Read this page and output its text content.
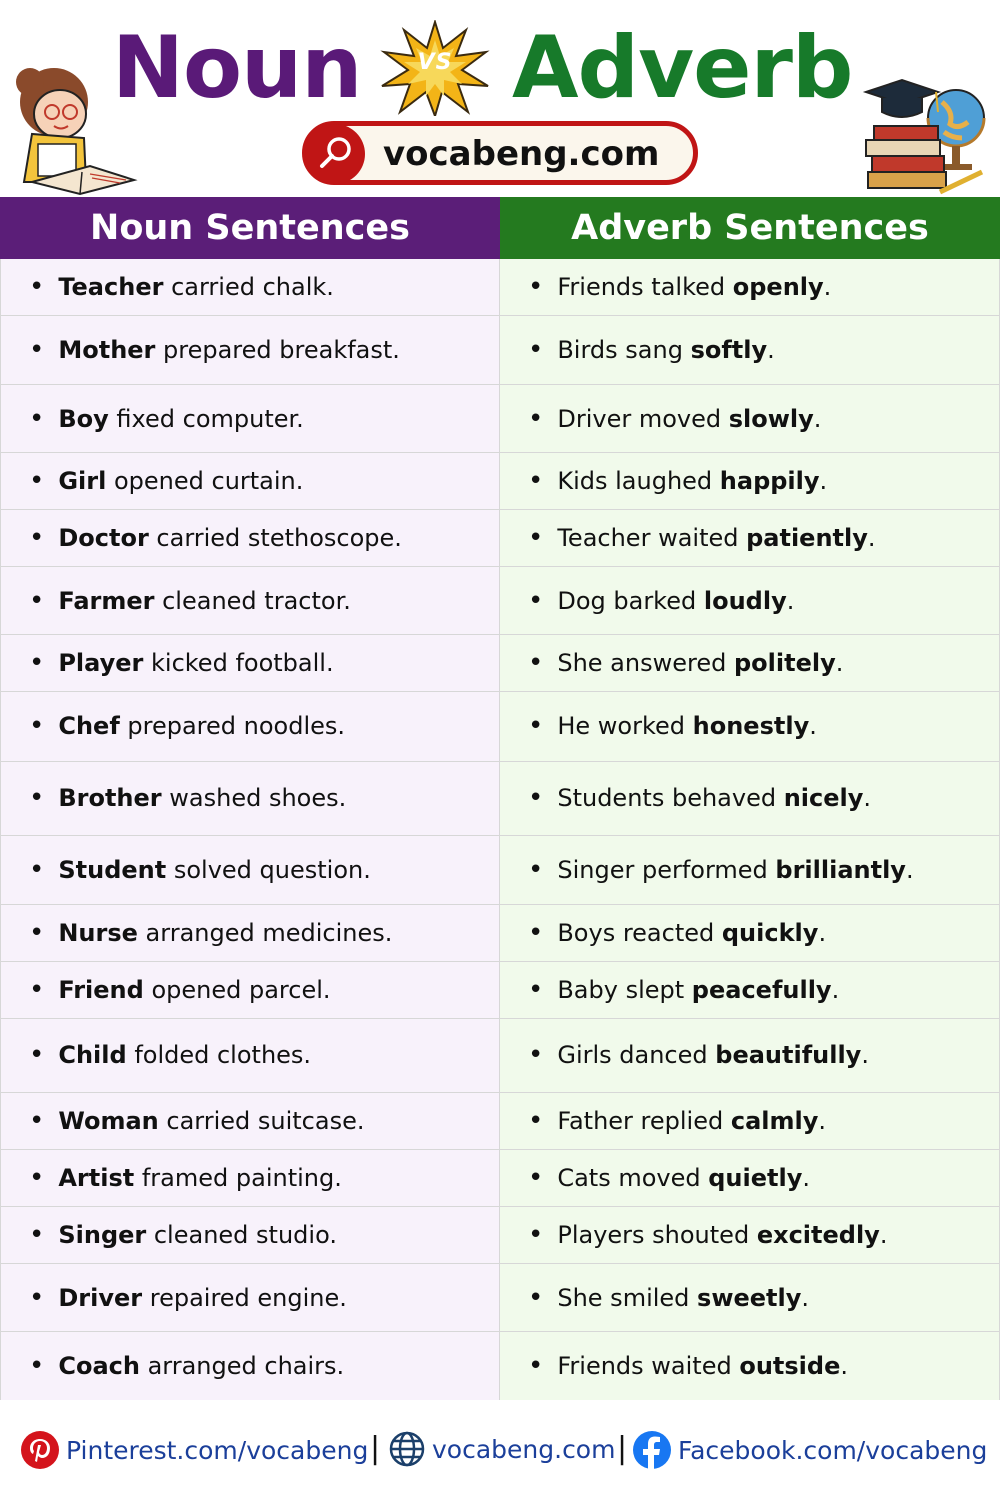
Noun	VS Adverb
vocabeng.com
Noun Sentences	Adverb Sentences
• Teacher carried chalk.	• Friends talked openly .
• Mother prepared breakfast.	• Birds sang softly .
• Boy fixed computer.	• Driver moved slowly .
• Girl opened curtain.	• Kids laughed happily .
• Doctor carried stethoscope.	• Teacher waited patiently .
• Farmer cleaned tractor.	• Dog barked loudly .
• Player kicked football.	• She answered politely .
• Chef prepared noodles.	• He worked honestly .
• Brother washed shoes.	• Students behaved nicely .
• Student solved question.	• Singer performed brilliantly .
• Nurse arranged medicines.	• Boys reacted quickly .
• Friend opened parcel.	• Baby slept peacefully .
• Child folded clothes.	• Girls danced beautifully .
• Woman carried suitcase.	• Father replied calmly .
• Artist framed painting.	• Cats moved quietly .
• Singer cleaned studio.	• Players shouted excitedly .
• Driver repaired engine.	• She smiled sweetly .
• Coach arranged chairs.	• Friends waited outside .
Pinterest.com/vocabeng | vocabeng.com | Facebook.com/vocabeng
